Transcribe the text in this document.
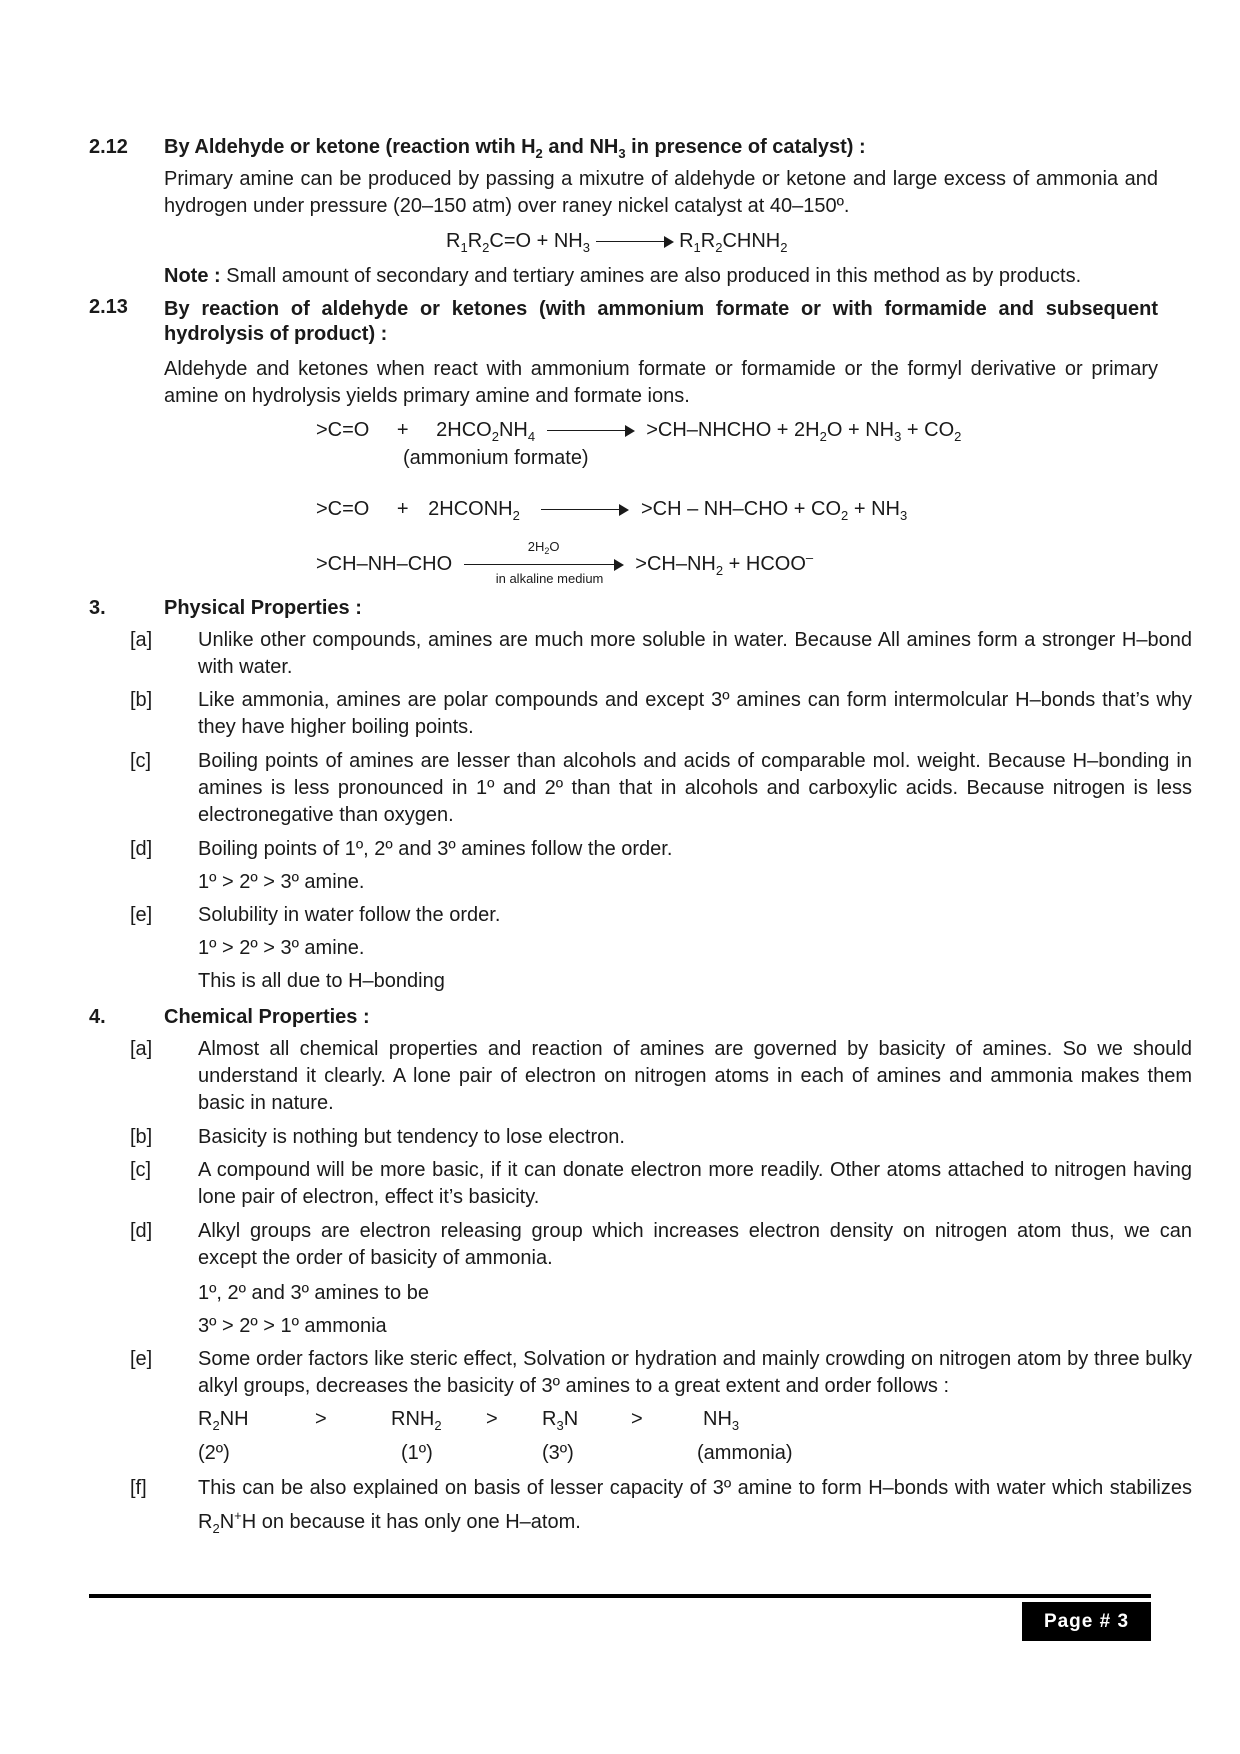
2.12 By Aldehyde or ketone (reaction wtih $H_2$ and $NH_3$ in presence of catalyst) :
Primary amine can be produced by passing a mixutre of aldehyde or ketone and large excess of ammonia and hydrogen under pressure (20–150 atm) over raney nickel catalyst at 40–150º.
$R_1R_2C=O + NH_3$	$R_1R_2CHNH_2$
Note : Small amount of secondary and tertiary amines are also produced in this method as by products.
2.13 By reaction of aldehyde or ketones (with ammonium formate or with formamide and subsequent
hydrolysis of product) :
Aldehyde and ketones when react with ammonium formate or formamide or the formyl derivative or primary amine on hydrolysis yields primary amine and formate ions.
$>C=O + 2HCO_2NH_4$	>CH–NHCHO + $2H_2O + NH_3 + CO_2$
(ammonium formate)
$>C=O + 2HCONH_2$	$>CH - NH-CHO + CO_2 + NH_3$
>CH–NH–CHO
$2H_2O$
in alkaline medium
$>CH-NH_2$ + HCOO–
3.	Physical Properties :
[a] Unlike other compounds, amines are much more soluble in water. Because All amines form a stronger H–bond with water.
[b] Like ammonia, amines are polar compounds and except 3º amines can form intermolcular H–bonds that’s why they have higher boiling points.
[c] Boiling points of amines are lesser than alcohols and acids of comparable mol. weight. Because H–bonding in amines is less pronounced in 1º and 2º than that in alcohols and carboxylic acids. Because nitrogen is less electronegative than oxygen.
[d] Boiling points of 1º, 2º and 3º amines follow the order.
1º > 2º > 3º amine.
[e] Solubility in water follow the order.
1º > 2º > 3º amine.
This is all due to H–bonding
4.	Chemical Properties :
[a] Almost all chemical properties and reaction of amines are governed by basicity of amines. So we should understand it clearly. A lone pair of electron on nitrogen atoms in each of amines and ammonia makes them basic in nature.
[b] Basicity is nothing but tendency to lose electron.
[c] A compound will be more basic, if it can donate electron more readily. Other atoms attached to nitrogen having lone pair of electron, effect it’s basicity.
[d] Alkyl groups are electron releasing group which increases electron density on nitrogen atom thus, we can except the order of basicity of ammonia.
1º, 2º and 3º amines to be
3º > 2º > 1º ammonia
[e] Some order factors like steric effect, Solvation or hydration and mainly crowding on nitrogen atom by three bulky alkyl groups, decreases the basicity of 3º amines to a great extent and order follows :
$R_2NH$	>	$RNH_2 > R_3N$	>	$NH_3$
(2º)	(1º)	(3º)	(ammonia)
[f]	This can be also explained on basis of lesser capacity of 3º amine to form H–bonds with water which stabilizes $R_2N^+H$ on because it has only one H–atom.
Page # 3
